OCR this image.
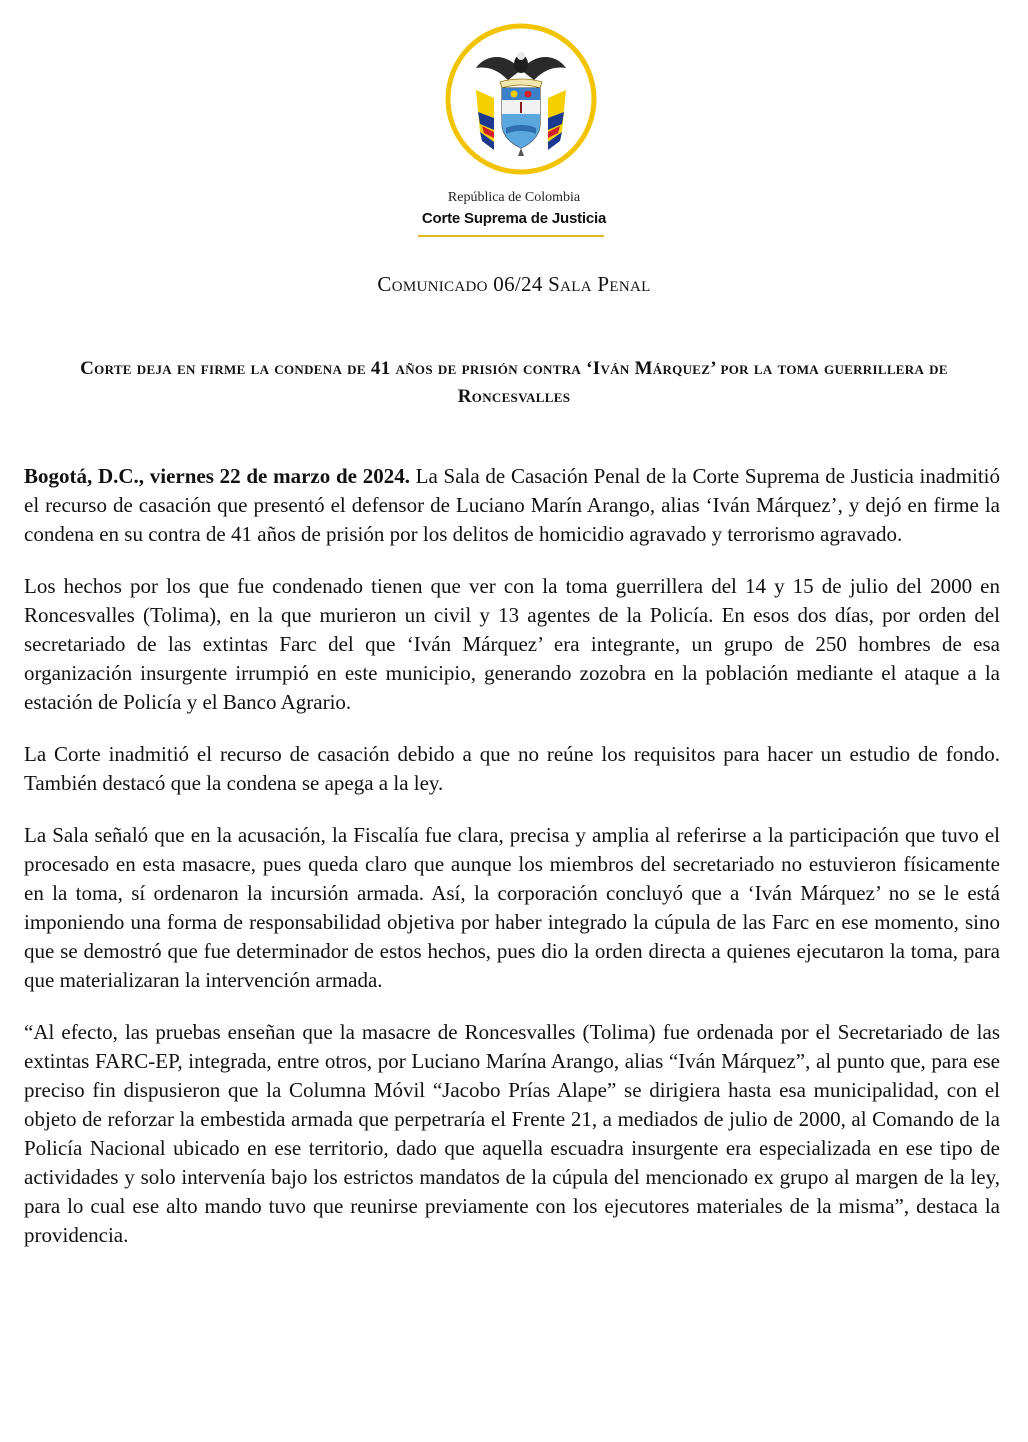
República de Colombia
Corte Suprema de Justicia
Comunicado 06/24 Sala Penal
Corte deja en firme la condena de 41 años de prisión contra ‘Iván Márquez’ por la toma guerrillera de Roncesvalles

Bogotá, D.C., viernes 22 de marzo de 2024. La Sala de Casación Penal de la Corte Suprema de Justicia inadmitió el recurso de casación que presentó el defensor de Luciano Marín Arango, alias ‘Iván Márquez’, y dejó en firme la condena en su contra de 41 años de prisión por los delitos de homicidio agravado y terrorismo agravado.

Los hechos por los que fue condenado tienen que ver con la toma guerrillera del 14 y 15 de julio del 2000 en Roncesvalles (Tolima), en la que murieron un civil y 13 agentes de la Policía. En esos dos días, por orden del secretariado de las extintas Farc del que ‘Iván Márquez’ era integrante, un grupo de 250 hombres de esa organización insurgente irrumpió en este municipio, generando zozobra en la población mediante el ataque a la estación de Policía y el Banco Agrario.

La Corte inadmitió el recurso de casación debido a que no reúne los requisitos para hacer un estudio de fondo. También destacó que la condena se apega a la ley.

La Sala señaló que en la acusación, la Fiscalía fue clara, precisa y amplia al referirse a la participación que tuvo el procesado en esta masacre, pues queda claro que aunque los miembros del secretariado no estuvieron físicamente en la toma, sí ordenaron la incursión armada. Así, la corporación concluyó que a ‘Iván Márquez’ no se le está imponiendo una forma de responsabilidad objetiva por haber integrado la cúpula de las Farc en ese momento, sino que se demostró que fue determinador de estos hechos, pues dio la orden directa a quienes ejecutaron la toma, para que materializaran la intervención armada.

“Al efecto, las pruebas enseñan que la masacre de Roncesvalles (Tolima) fue ordenada por el Secretariado de las extintas FARC-EP, integrada, entre otros, por Luciano Marína Arango, alias “Iván Márquez”, al punto que, para ese preciso fin dispusieron que la Columna Móvil “Jacobo Prías Alape” se dirigiera hasta esa municipalidad, con el objeto de reforzar la embestida armada que perpetraría el Frente 21, a mediados de julio de 2000, al Comando de la Policía Nacional ubicado en ese territorio, dado que aquella escuadra insurgente era especializada en ese tipo de actividades y solo intervenía bajo los estrictos mandatos de la cúpula del mencionado ex grupo al margen de la ley, para lo cual ese alto mando tuvo que reunirse previamente con los ejecutores materiales de la misma”, destaca la providencia.
